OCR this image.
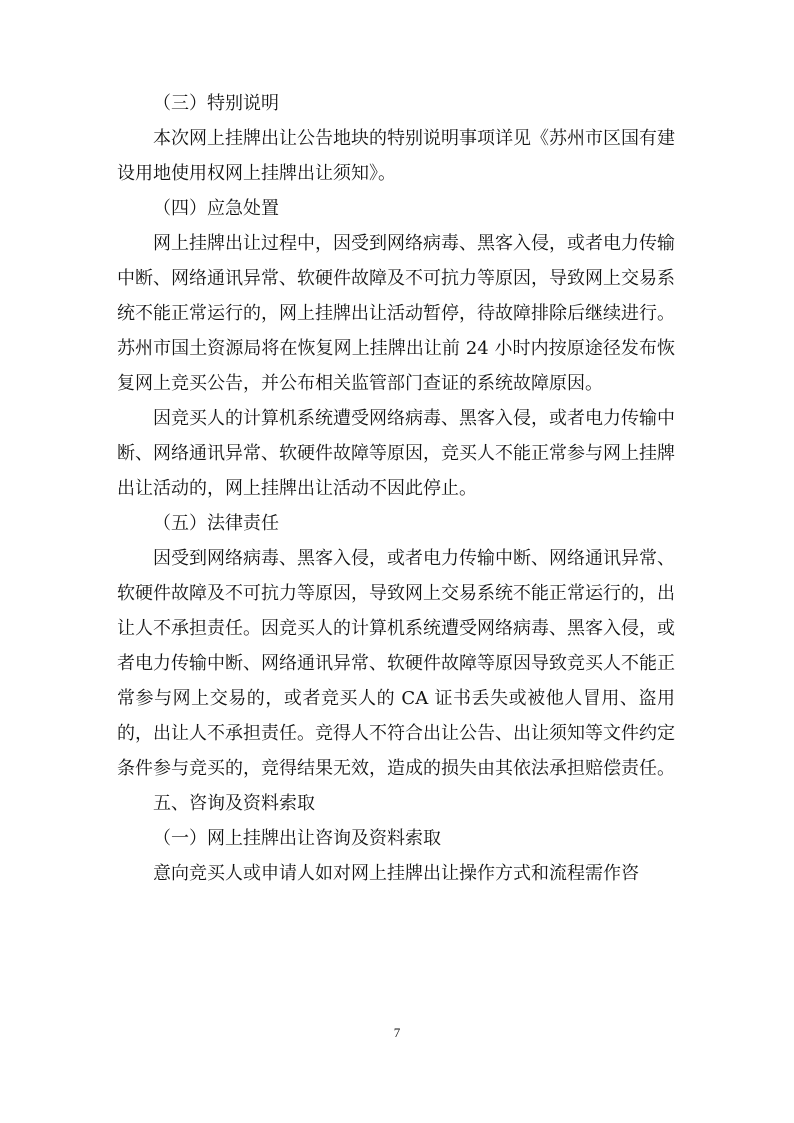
（三）特别说明

本次网上挂牌出让公告地块的特别说明事项详见《苏州市区国有建设用地使用权网上挂牌出让须知》。

（四）应急处置

网上挂牌出让过程中，因受到网络病毒、黑客入侵，或者电力传输中断、网络通讯异常、软硬件故障及不可抗力等原因，导致网上交易系统不能正常运行的，网上挂牌出让活动暂停，待故障排除后继续进行。苏州市国土资源局将在恢复网上挂牌出让前 24 小时内按原途径发布恢复网上竞买公告，并公布相关监管部门查证的系统故障原因。

因竞买人的计算机系统遭受网络病毒、黑客入侵，或者电力传输中断、网络通讯异常、软硬件故障等原因，竞买人不能正常参与网上挂牌出让活动的，网上挂牌出让活动不因此停止。

（五）法律责任

因受到网络病毒、黑客入侵，或者电力传输中断、网络通讯异常、软硬件故障及不可抗力等原因，导致网上交易系统不能正常运行的，出让人不承担责任。因竞买人的计算机系统遭受网络病毒、黑客入侵，或者电力传输中断、网络通讯异常、软硬件故障等原因导致竞买人不能正常参与网上交易的，或者竞买人的 CA 证书丢失或被他人冒用、盗用的，出让人不承担责任。竞得人不符合出让公告、出让须知等文件约定条件参与竞买的，竞得结果无效，造成的损失由其依法承担赔偿责任。

五、咨询及资料索取

（一）网上挂牌出让咨询及资料索取

意向竞买人或申请人如对网上挂牌出让操作方式和流程需作咨

7
